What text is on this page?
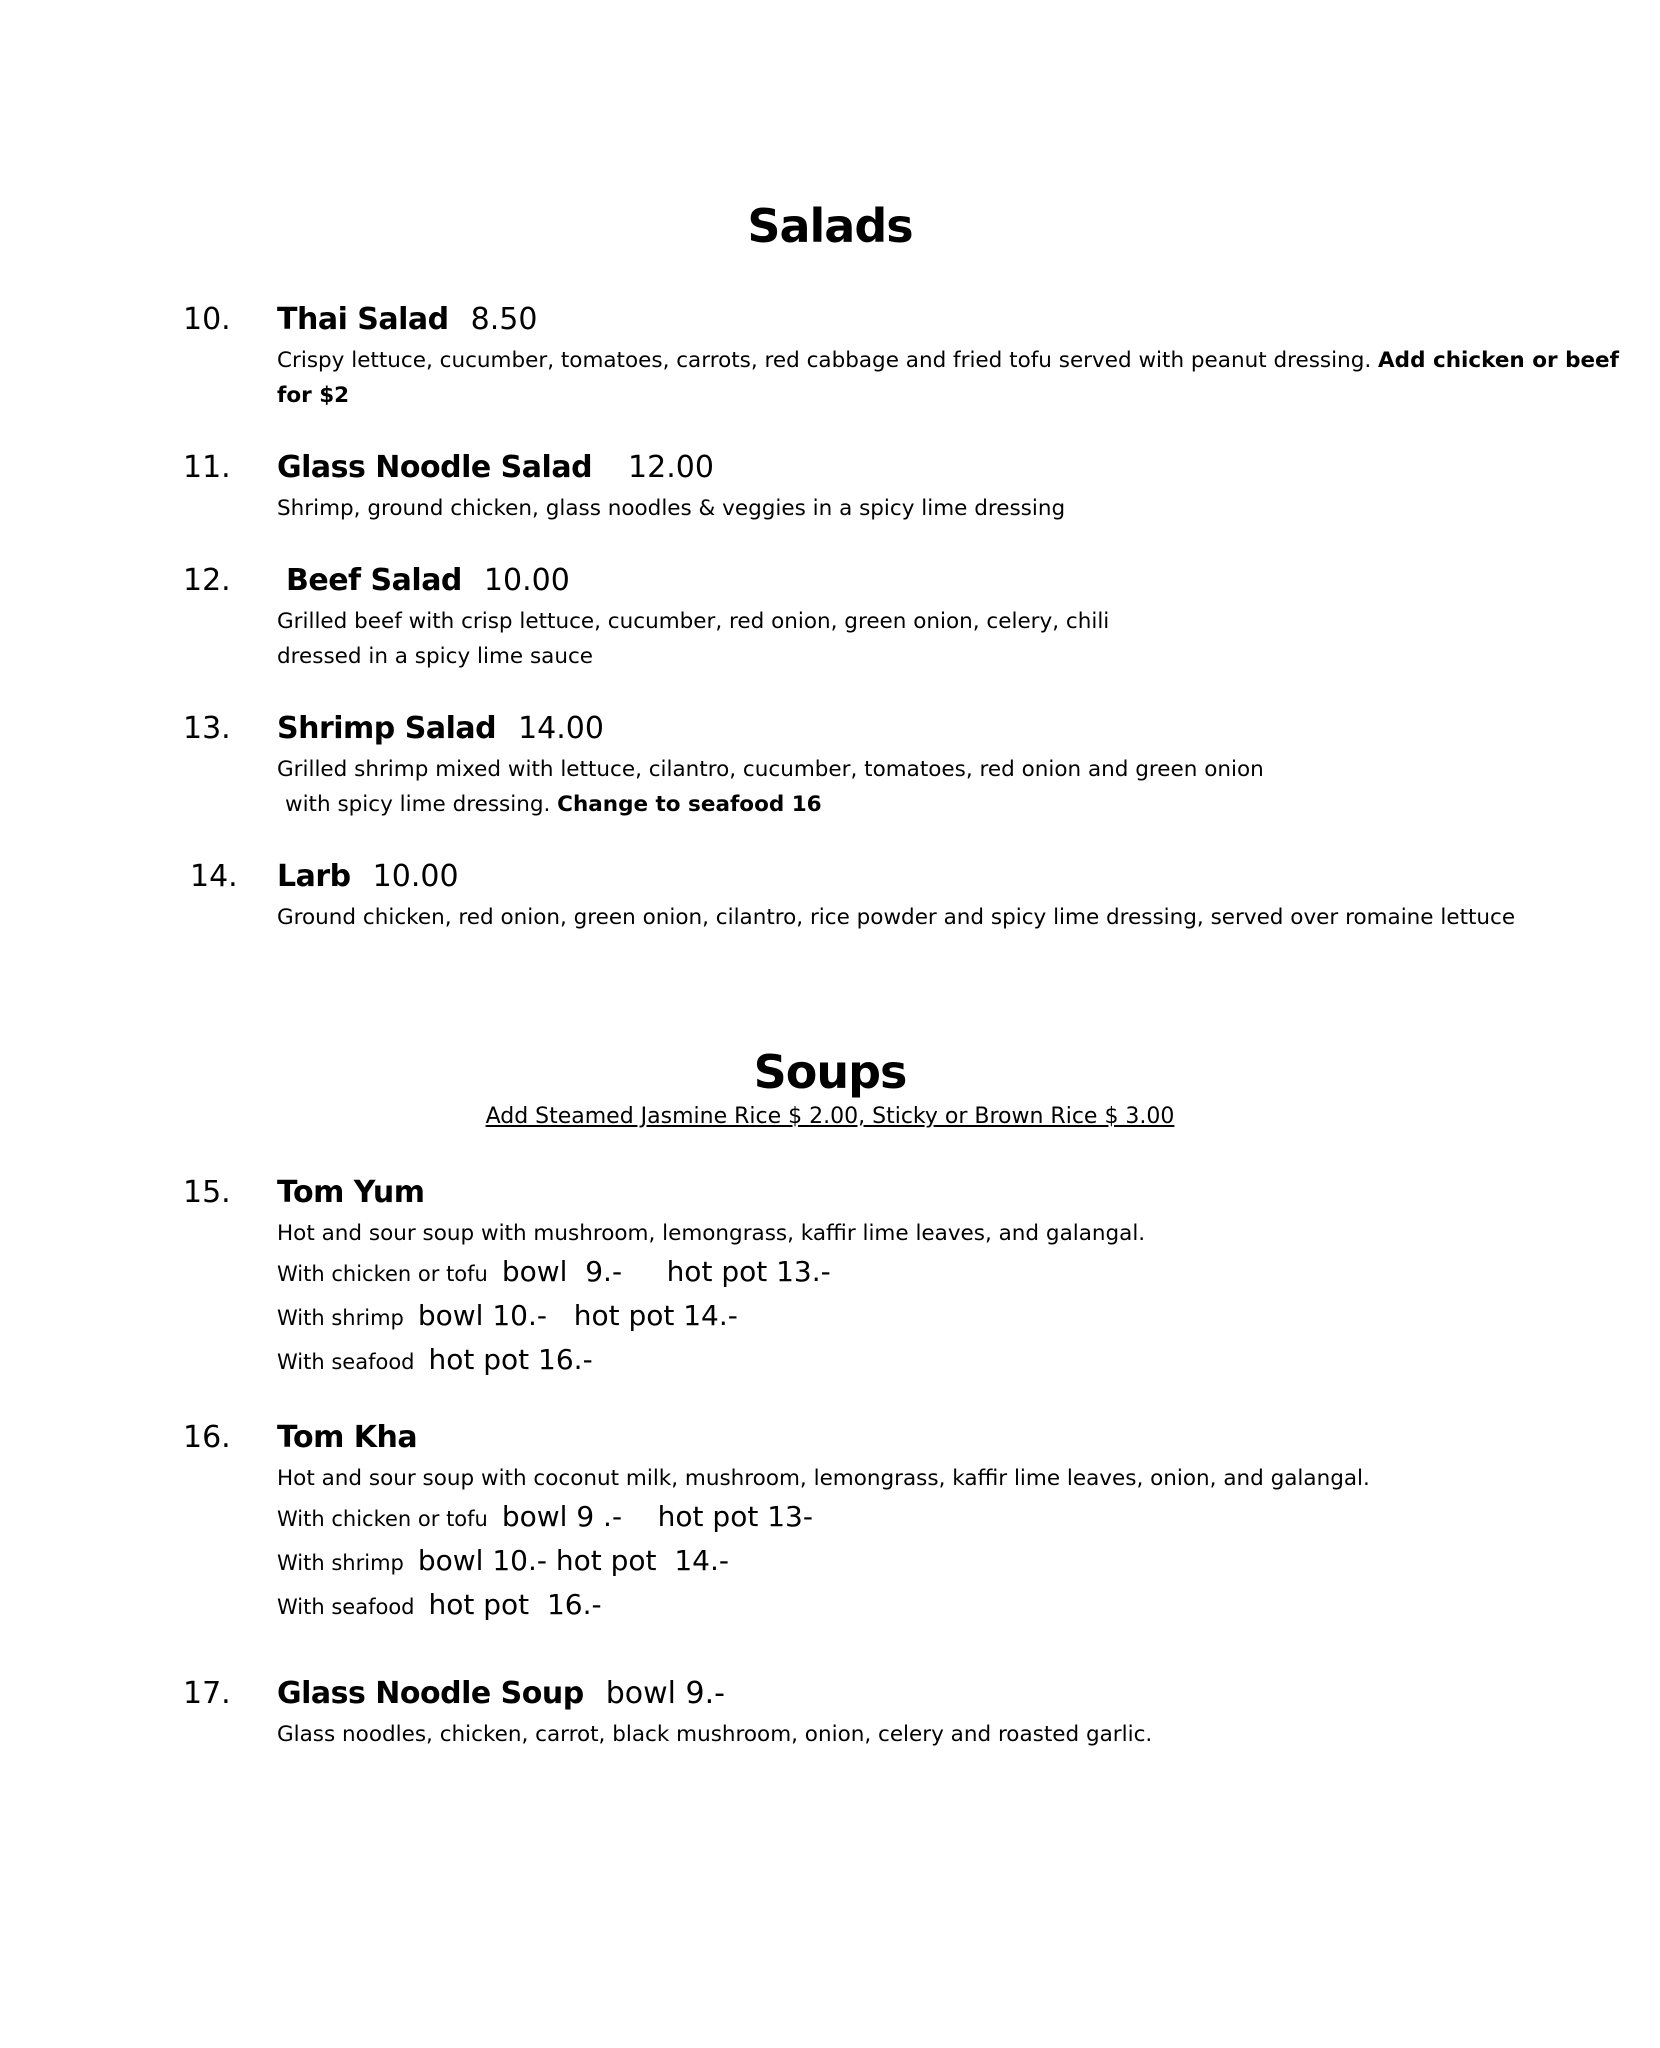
Salads
10. Thai Salad 8.50
Crispy lettuce, cucumber, tomatoes, carrots, red cabbage and fried tofu served with peanut dressing. Add chicken or beef
for $2
11. Glass Noodle Salad 12.00
Shrimp, ground chicken, glass noodles & veggies in a spicy lime dressing
12. Beef Salad 10.00
Grilled beef with crisp lettuce, cucumber, red onion, green onion, celery, chili
dressed in a spicy lime sauce
13. Shrimp Salad 14.00
Grilled shrimp mixed with lettuce, cilantro, cucumber, tomatoes, red onion and green onion
with spicy lime dressing. Change to seafood 16
14. Larb 10.00
Ground chicken, red onion, green onion, cilantro, rice powder and spicy lime dressing, served over romaine lettuce
Soups
Add Steamed Jasmine Rice $ 2.00, Sticky or Brown Rice $ 3.00
15. Tom Yum
Hot and sour soup with mushroom, lemongrass, kaffir lime leaves, and galangal.
With chicken or tofu bowl  9.-     hot pot 13.-
With shrimp bowl 10.-   hot pot 14.-
With seafood hot pot 16.-
16. Tom Kha
Hot and sour soup with coconut milk, mushroom, lemongrass, kaffir lime leaves, onion, and galangal.
With chicken or tofu bowl 9 .-    hot pot 13-
With shrimp bowl 10.- hot pot  14.-
With seafood hot pot  16.-
17. Glass Noodle Soup bowl 9.-
Glass noodles, chicken, carrot, black mushroom, onion, celery and roasted garlic.
